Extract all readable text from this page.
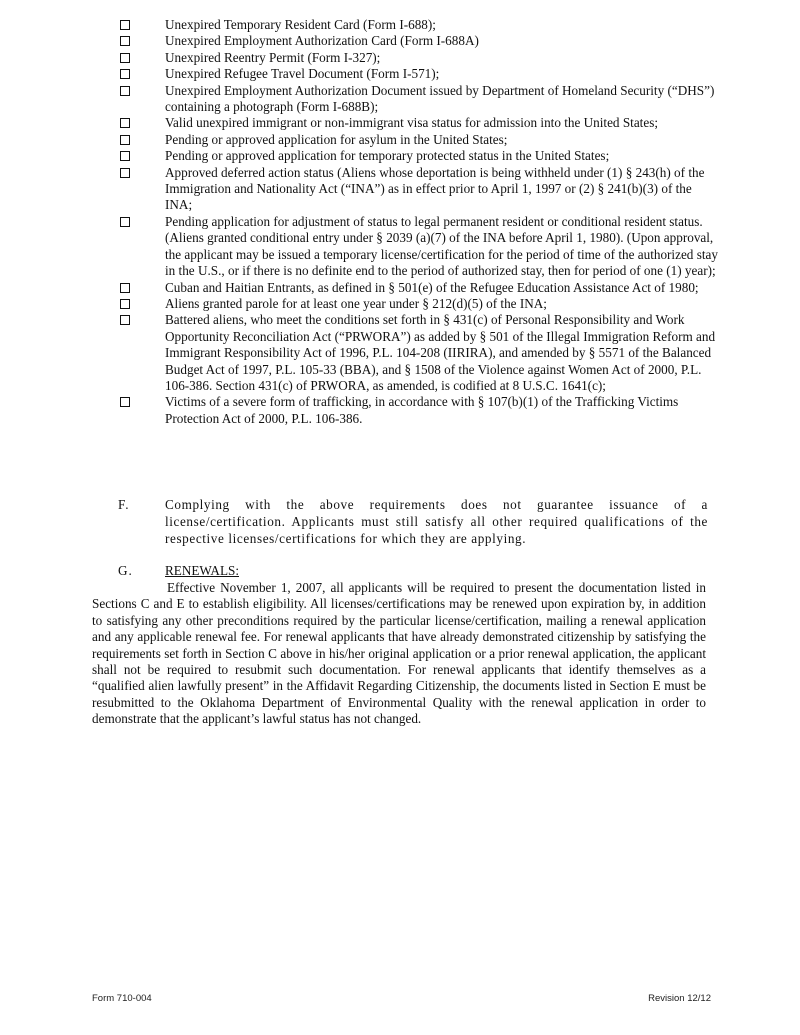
Unexpired Temporary Resident Card (Form I-688);
Unexpired Employment Authorization Card (Form I-688A)
Unexpired Reentry Permit (Form I-327);
Unexpired Refugee Travel Document (Form I-571);
Unexpired Employment Authorization Document issued by Department of Homeland Security (“DHS”) containing a photograph (Form I-688B);
Valid unexpired immigrant or non-immigrant visa status for admission into the United States;
Pending or approved application for asylum in the United States;
Pending or approved application for temporary protected status in the United States;
Approved deferred action status (Aliens whose deportation is being withheld under (1) § 243(h) of the Immigration and Nationality Act (“INA”) as in effect prior to April 1, 1997 or (2) § 241(b)(3) of the INA;
Pending application for adjustment of status to legal permanent resident or conditional resident status. (Aliens granted conditional entry under § 2039 (a)(7) of the INA before April 1, 1980). (Upon approval, the applicant may be issued a temporary license/certification for the period of time of the authorized stay in the U.S., or if there is no definite end to the period of authorized stay, then for period of one (1) year);
Cuban and Haitian Entrants, as defined in § 501(e) of the Refugee Education Assistance Act of 1980;
Aliens granted parole for at least one year under § 212(d)(5) of the INA;
Battered aliens, who meet the conditions set forth in § 431(c) of Personal Responsibility and Work Opportunity Reconciliation Act (“PRWORA”) as added by § 501 of the Illegal Immigration Reform and Immigrant Responsibility Act of 1996, P.L. 104-208 (IIRIRA), and amended by § 5571 of the Balanced Budget Act of 1997, P.L. 105-33 (BBA), and § 1508 of the Violence against Women Act of 2000, P.L. 106-386. Section 431(c) of PRWORA, as amended, is codified at 8 U.S.C. 1641(c);
Victims of a severe form of trafficking, in accordance with § 107(b)(1) of the Trafficking Victims Protection Act of 2000, P.L. 106-386.
F.	Complying with the above requirements does not guarantee issuance of a license/certification. Applicants must still satisfy all other required qualifications of the respective licenses/certifications for which they are applying.
G. RENEWALS:
Effective November 1, 2007, all applicants will be required to present the documentation listed in Sections C and E to establish eligibility. All licenses/certifications may be renewed upon expiration by, in addition to satisfying any other preconditions required by the particular license/certification, mailing a renewal application and any applicable renewal fee. For renewal applicants that have already demonstrated citizenship by satisfying the requirements set forth in Section C above in his/her original application or a prior renewal application, the applicant shall not be required to resubmit such documentation. For renewal applicants that identify themselves as a “qualified alien lawfully present” in the Affidavit Regarding Citizenship, the documents listed in Section E must be resubmitted to the Oklahoma Department of Environmental Quality with the renewal application in order to demonstrate that the applicant’s lawful status has not changed.
Form 710-004	Revision 12/12
